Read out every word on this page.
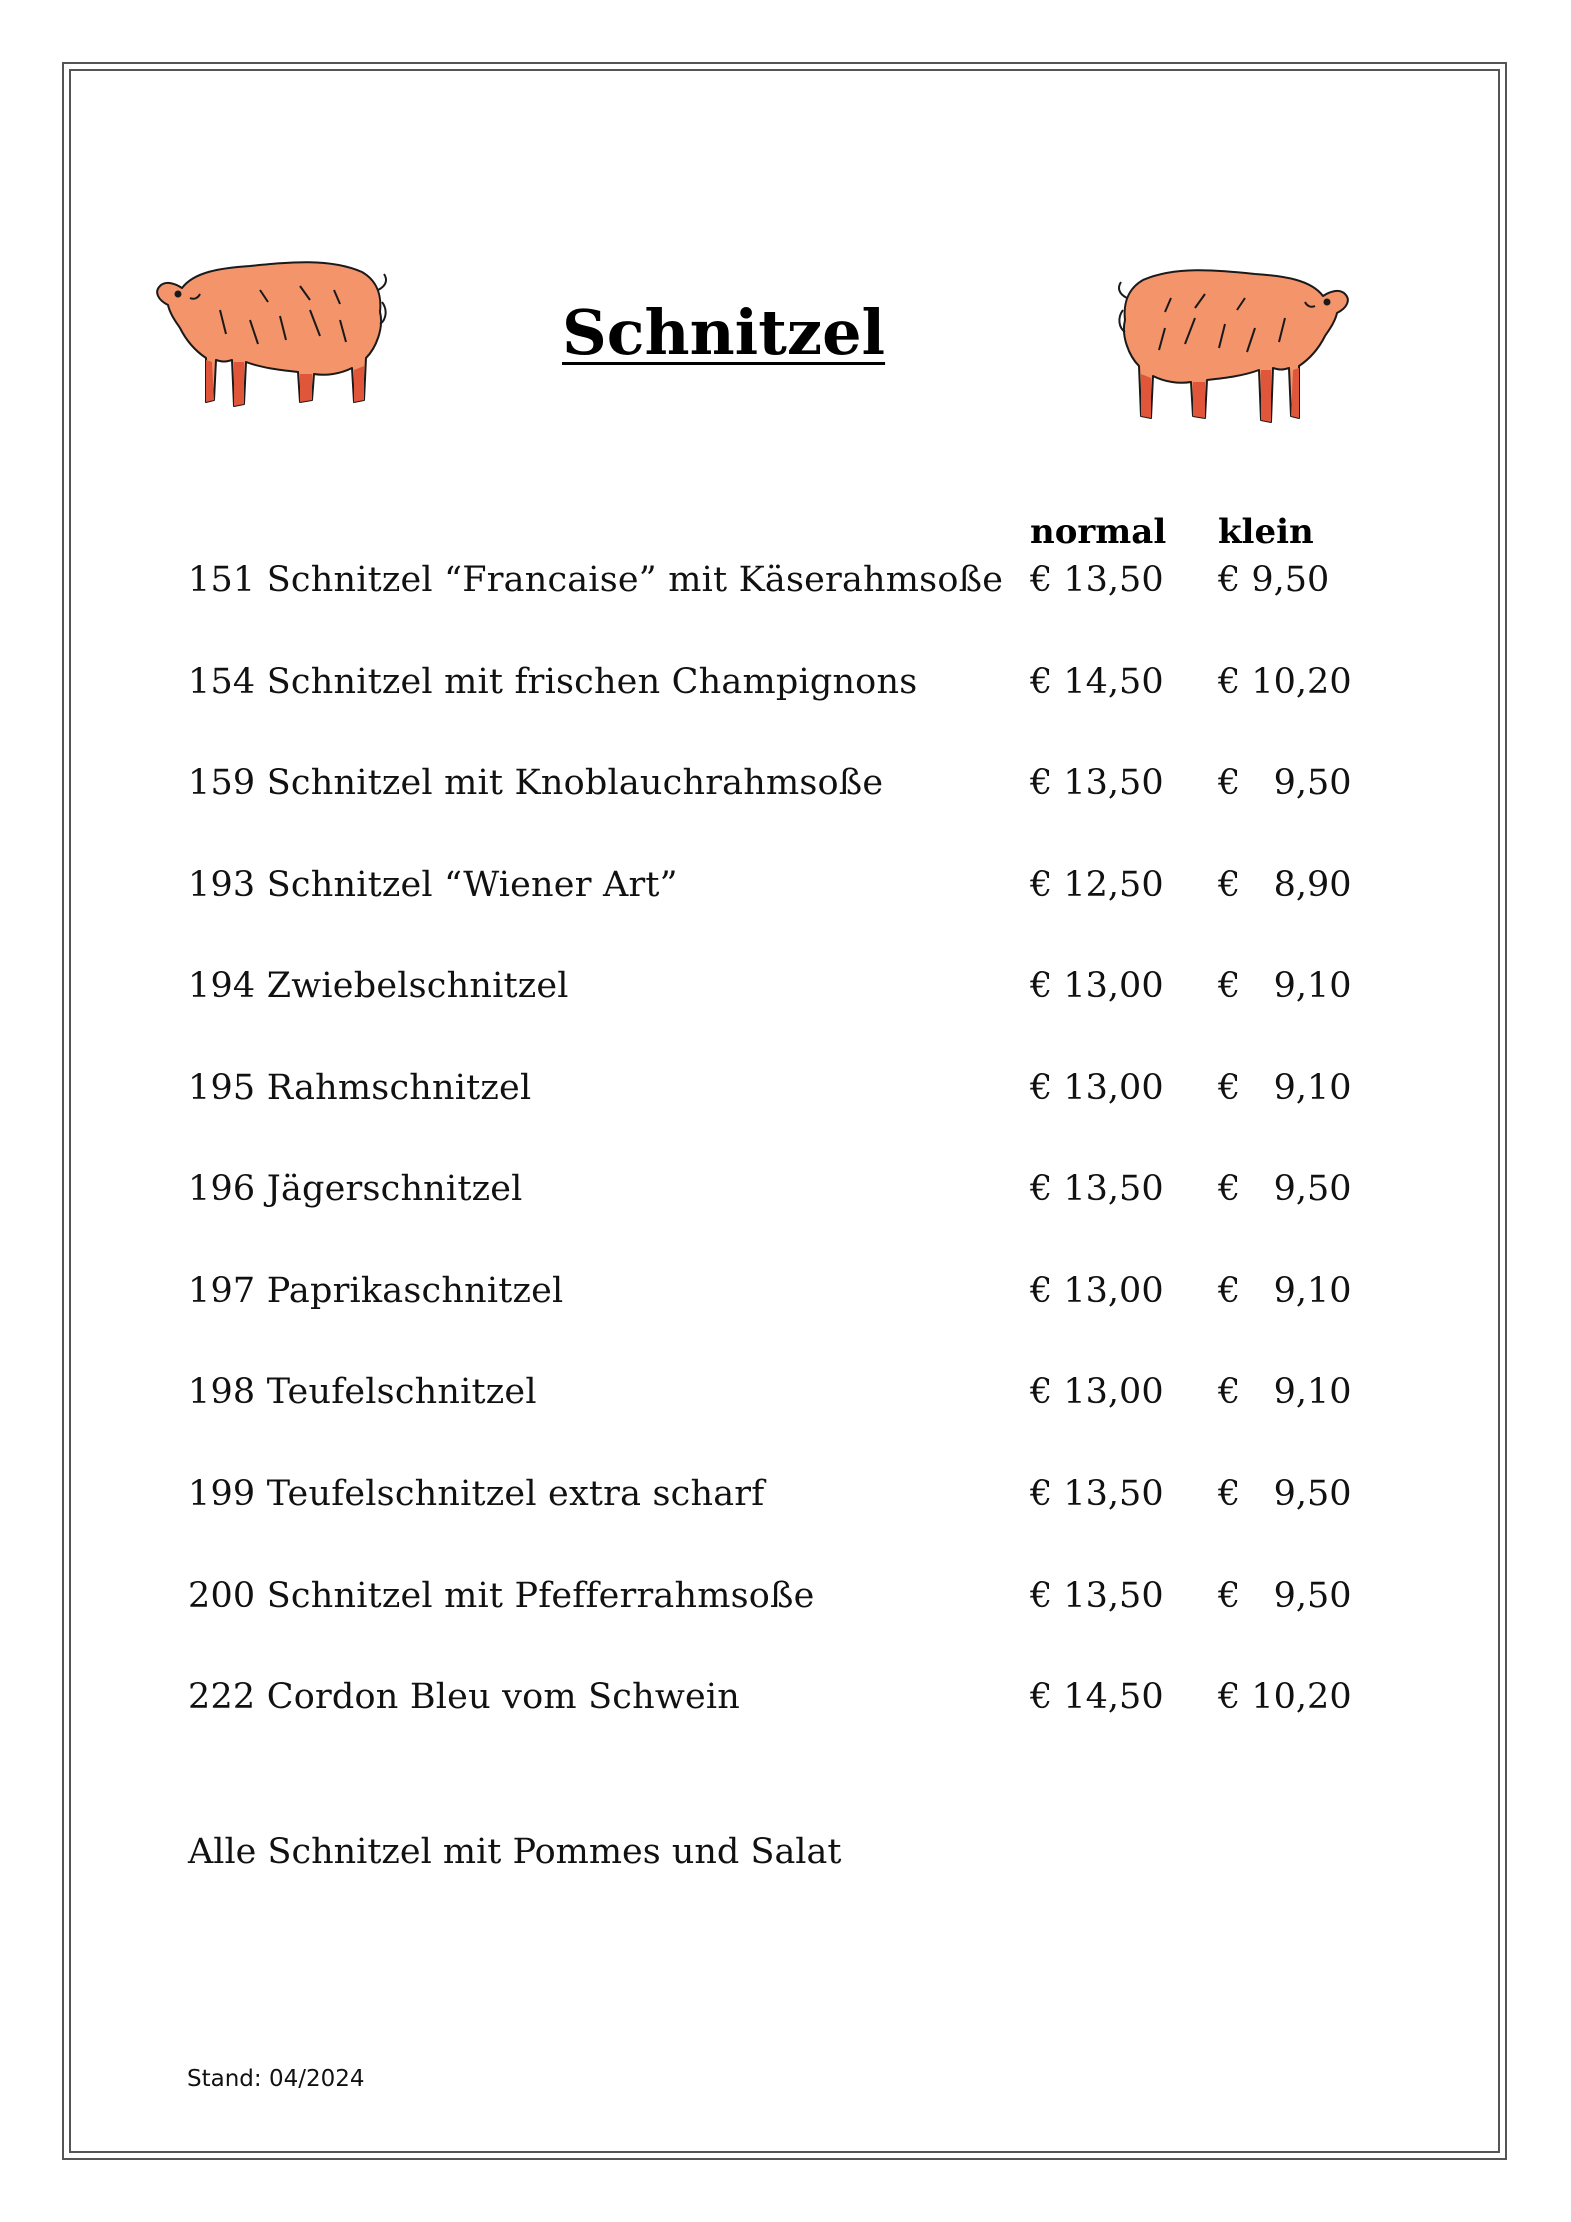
Schnitzel
normal klein
151 Schnitzel “Francaise” mit Käserahmsoße € 13,50 € 9,50
154 Schnitzel mit frischen Champignons	€ 14,50 € 10,20
159 Schnitzel mit Knoblauchrahmsoße	€ 13,50 €   9,50
193 Schnitzel “Wiener Art”	€ 12,50 €   8,90
194 Zwiebelschnitzel	€ 13,00 €   9,10
195 Rahmschnitzel	€ 13,00 €   9,10
196 Jägerschnitzel	€ 13,50 €   9,50
197 Paprikaschnitzel	€ 13,00 €   9,10
198 Teufelschnitzel	€ 13,00 €   9,10
199 Teufelschnitzel extra scharf	€ 13,50 €   9,50
200 Schnitzel mit Pfefferrahmsoße	€ 13,50 €   9,50
222 Cordon Bleu vom Schwein	€ 14,50 € 10,20
Alle Schnitzel mit Pommes und Salat
Stand: 04/2024
